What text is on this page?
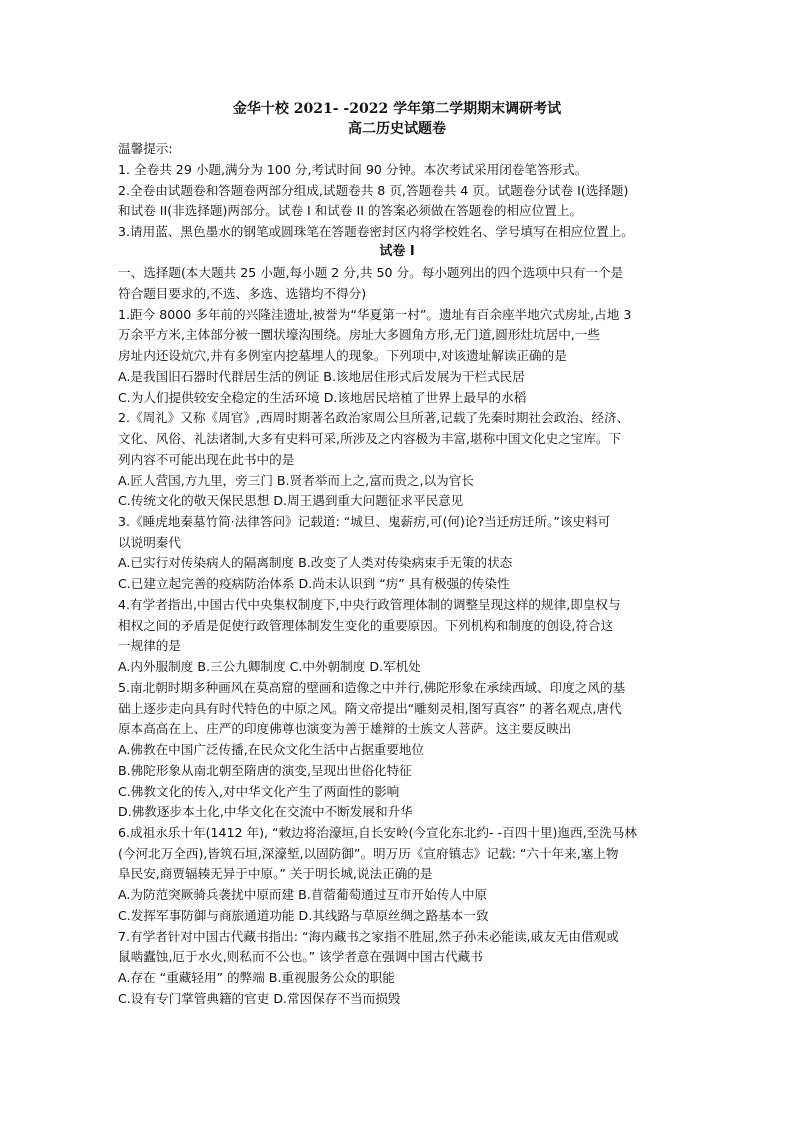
金华十校 2021- -2022 学年第二学期期末调研考试
高二历史试题卷
温馨提示:
1. 全卷共 29 小题,满分为 100 分,考试时间 90 分钟。本次考试采用闭卷笔答形式。
2.全卷由试题卷和答题卷两部分组成,试题卷共 8 页,答题卷共 4 页。试题卷分试卷 I(选择题)
和试卷 II(非选择题)两部分。试卷 I 和试卷 II 的答案必须做在答题卷的相应位置上。
3.请用蓝、黑色墨水的钢笔或圆珠笔在答题卷密封区内将学校姓名、学号填写在相应位置上。
试卷 I
一、选择题(本大题共 25 小题,每小题 2 分,共 50 分。每小题列出的四个选项中只有一个是
符合题目要求的,不选、多选、选错均不得分)
1.距今 8000 多年前的兴隆洼遗址,被誉为“华夏第一村”。遗址有百余座半地穴式房址,占地 3
万余平方米,主体部分被一圜状壕沟围绕。房址大多圆角方形,无门道,圆形灶坑居中,一些
房址内还设炕穴,并有多例室内挖墓埋人的现象。下列项中,对该遗址解读正确的是
A.是我国旧石器时代群居生活的例证 B.该地居住形式后发展为干栏式民居
C.为人们提供较安全稳定的生活环境 D.该地居民培植了世界上最早的水稻
2.《周礼》又称《周官》,西周时期著名政治家周公旦所著,记载了先秦时期社会政治、经济、
文化、风俗、礼法诸制,大多有史料可采,所涉及之内容极为丰富,堪称中国文化史之宝库。下
列内容不可能出现在此书中的是
A.匠人营国,方九里，旁三门 B.贤者举而上之,富而贵之,以为官长
C.传统文化的敬天保民思想 D.周王遇到重大问题征求平民意见
3.《睡虎地秦墓竹简·法律答问》记载道: “城旦、鬼薪疠,可(何)论?当迁疠迁所。”该史料可
以说明秦代
A.已实行对传染病人的隔离制度 B.改变了人类对传染病束手无策的状态
C.已建立起完善的疫病防治体系 D.尚未认识到 “疠” 具有极强的传染性
4.有学者指出,中国古代中央集权制度下,中央行政管理体制的调整呈现这样的规律,即皇权与
相权之间的矛盾是促使行政管理体制发生变化的重要原因。下列机构和制度的创设,符合这
一规律的是
A.内外服制度 B.三公九卿制度 C.中外朝制度 D.军机处
5.南北朝时期多种画风在莫高窟的壁画和造像之中并行,佛陀形象在承续西域、印度之风的基
础上逐步走向具有时代特色的中原之风。隋文帝提出“雕刻灵相,图写真容” 的著名观点,唐代
原本高高在上、庄严的印度佛尊也演变为善于雄辩的士族文人菩萨。这主要反映出
A.佛教在中国广泛传播,在民众文化生活中占据重要地位
B.佛陀形象从南北朝至隋唐的演变,呈现出世俗化特征
C.佛教文化的传入,对中华文化产生了两面性的影响
D.佛教逐步本土化,中华文化在交流中不断发展和升华
6.成祖永乐十年(1412 年), “敕边将治濠垣,自长安岭(今宣化东北约- -百四十里)迤西,至洗马林
(今河北万全西),皆筑石垣,深濠堑,以固防御”。明万历《宣府镇志》记载: “六十年来,塞上物
阜民安,商贾辐辏无异于中原。” 关于明长城,说法正确的是
A.为防范突厥骑兵袭扰中原而建 B.苜蓿葡萄通过互市开始传人中原
C.发挥军事防御与商旅通道功能 D.其线路与草原丝绸之路基本一致
7.有学者针对中国古代藏书指出: “海内藏书之家指不胜屈,然子孙未必能读,戚友无由借观或
鼠啮蠹蚀,厄于水火,则私而不公也。” 该学者意在强调中国古代藏书
A.存在 “重藏轻用” 的弊端 B.重视服务公众的职能
C.设有专门掌管典籍的官吏 D.常因保存不当而损毁
